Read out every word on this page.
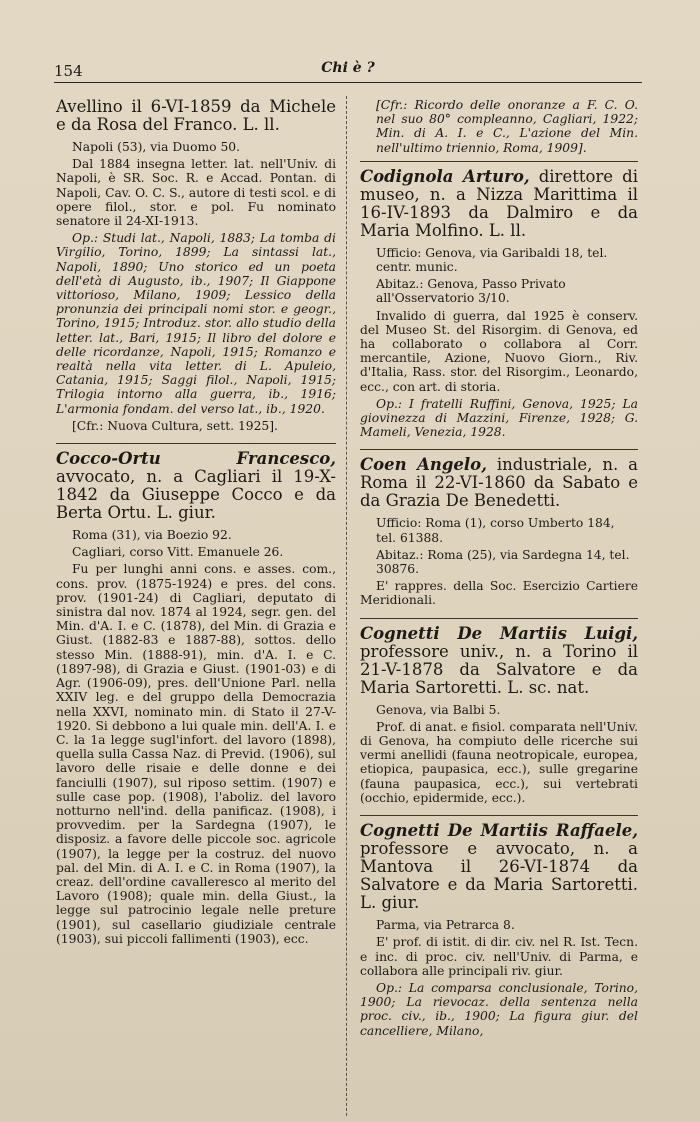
154	Chi è ?
Avellino il 6-VI-1859 da Michele e da Rosa del Franco. L. ll.
Napoli (53), via Duomo 50.
Dal 1884 insegna letter. lat. nell'Univ. di Napoli, è SR. Soc. R. e Accad. Pontan. di Napoli, Cav. O. C. S., autore di testi scol. e di opere filol., stor. e pol. Fu nominato senatore il 24-XI-1913.
Op.: Studi lat., Napoli, 1883; La tomba di Virgilio, Torino, 1899; La sintassi lat., Napoli, 1890; Uno storico ed un poeta dell'età di Augusto, ib., 1907; Il Giappone vittorioso, Milano, 1909; Lessico della pronunzia dei principali nomi stor. e geogr., Torino, 1915; Introduz. stor. allo studio della letter. lat., Bari, 1915; Il libro del dolore e delle ricordanze, Napoli, 1915; Romanzo e realtà nella vita letter. di L. Apuleio, Catania, 1915; Saggi filol., Napoli, 1915; Trilogia intorno alla guerra, ib., 1916; L'armonia fondam. del verso lat., ib., 1920.
[Cfr.: Nuova Cultura, sett. 1925].
Cocco-Ortu Francesco, avvocato, n. a Cagliari il 19-X-1842 da Giuseppe Cocco e da Berta Ortu. L. giur.
Roma (31), via Boezio 92.
Cagliari, corso Vitt. Emanuele 26.
Fu per lunghi anni cons. e asses. com., cons. prov. (1875-1924) e pres. del cons. prov. (1901-24) di Cagliari, deputato di sinistra dal nov. 1874 al 1924, segr. gen. del Min. d'A. I. e C. (1878), del Min. di Grazia e Giust. (1882-83 e 1887-88), sottos. dello stesso Min. (1888-91), min. d'A. I. e C. (1897-98), di Grazia e Giust. (1901-03) e di Agr. (1906-09), pres. dell'Unione Parl. nella XXIV leg. e del gruppo della Democrazia nella XXVI, nominato min. di Stato il 27-V-1920. Si debbono a lui quale min. dell'A. I. e C. la 1a legge sugl'infort. del lavoro (1898), quella sulla Cassa Naz. di Previd. (1906), sul lavoro delle risaie e delle donne e dei fanciulli (1907), sul riposo settim. (1907) e sulle case pop. (1908), l'aboliz. del lavoro notturno nell'ind. della panificaz. (1908), i provvedim. per la Sardegna (1907), le disposiz. a favore delle piccole soc. agricole (1907), la legge per la costruz. del nuovo pal. del Min. di A. I. e C. in Roma (1907), la creaz. dell'ordine cavalleresco al merito del Lavoro (1908); quale min. della Giust., la legge sul patrocinio legale nelle preture (1901), sul casellario giudiziale centrale (1903), sui piccoli fallimenti (1903), ecc.
[Cfr.: Ricordo delle onoranze a F. C. O. nel suo 80° compleanno, Cagliari, 1922; Min. di A. I. e C., L'azione del Min. nell'ultimo triennio, Roma, 1909].
Codignola Arturo, direttore di museo, n. a Nizza Marittima il 16-IV-1893 da Dalmiro e da Maria Molfino. L. ll.
Ufficio: Genova, via Garibaldi 18, tel. centr. munic.
Abitaz.: Genova, Passo Privato all'Osservatorio 3/10.
Invalido di guerra, dal 1925 è conserv. del Museo St. del Risorgim. di Genova, ed ha collaborato o collabora al Corr. mercantile, Azione, Nuovo Giorn., Riv. d'Italia, Rass. stor. del Risorgim., Leonardo, ecc., con art. di storia.
Op.: I fratelli Ruffini, Genova, 1925; La giovinezza di Mazzini, Firenze, 1928; G. Mameli, Venezia, 1928.
Coen Angelo, industriale, n. a Roma il 22-VI-1860 da Sabato e da Grazia De Benedetti.
Ufficio: Roma (1), corso Umberto 184, tel. 61388.
Abitaz.: Roma (25), via Sardegna 14, tel. 30876.
E' rappres. della Soc. Esercizio Cartiere Meridionali.
Cognetti De Martiis Luigi, professore univ., n. a Torino il 21-V-1878 da Salvatore e da Maria Sartoretti. L. sc. nat.
Genova, via Balbi 5.
Prof. di anat. e fisiol. comparata nell'Univ. di Genova, ha compiuto delle ricerche sui vermi anellidi (fauna neotropicale, europea, etiopica, paupasica, ecc.), sulle gregarine (fauna paupasica, ecc.), sui vertebrati (occhio, epidermide, ecc.).
Cognetti De Martiis Raffaele, professore e avvocato, n. a Mantova il 26-VI-1874 da Salvatore e da Maria Sartoretti. L. giur.
Parma, via Petrarca 8.
E' prof. di istit. di dir. civ. nel R. Ist. Tecn. e inc. di proc. civ. nell'Univ. di Parma, e collabora alle principali riv. giur.
Op.: La comparsa conclusionale, Torino, 1900; La rievocaz. della sentenza nella proc. civ., ib., 1900; La figura giur. del cancelliere, Milano,
